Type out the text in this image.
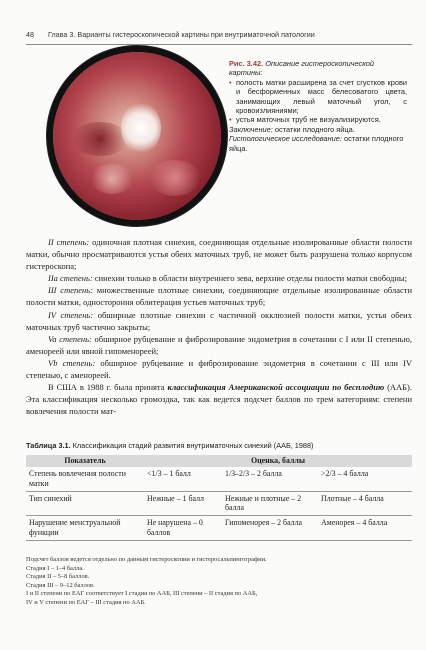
48 Глава 3. Варианты гистероскопической картины при внутриматочной патологии
Рис. 3.42. Описание гистероскопической картины:
• полость матки расширена за счет сгустков крови и бесформенных масс белесоватого цвета, занимающих левый маточный угол, с кровоизлияниями;
• устья маточных труб не визуализируются.
Заключение: остатки плодного яйца.
Гистологическое исследование: остатки плодного яйца.

II степень: одиночная плотная синехия, соединяющая отдельные изолированные области полости матки, обычно просматриваются устья обеих маточных труб, не может быть разрушена только корпусом гистероскопа;

IIa степень: синехии только в области внутреннего зева, верхние отделы полости матки свободны;

III степень: множественные плотные синехии, соединяющие отдельные изолированные области полости матки, одностороння облитерация устьев маточных труб;

IV степень: обширные плотные синехии с частичной окклюзией полости матки, устья обеих маточных труб частично закрыты;

Va степень: обширное рубцевание и фиброзирование эндометрия в сочетании с I или II степенью, аменореей или явной гипоменореей;

Vb степень: обширное рубцевание и фиброзирование эндометрия в сочетании с III или IV степенью, с аменореей.

В США в 1988 г. была принята классификация Американской ассоциации по бесплодию (ААБ). Эта классификация несколько громоздка, так как ведется подсчет баллов по трем категориям: степени вовлечения полости мат-

Таблица 3.1. Классификация стадий развития внутриматочных синехий (ААБ, 1988)
Показатель	Оценка, баллы		
Степень вовлечения полости матки	<1/3 – 1 балл	1/3–2/3 – 2 балла	>2/3 – 4 балла
Тип синехий	Нежные – 1 балл	Нежные и плотные – 2 балла	Плотные – 4 балла
Нарушение менструальной функции	Не нарушена – 0 баллов	Гипоменорея – 2 балла	Аменорея – 4 балла
Подсчет баллов ведется отдельно по данным гистероскопии и гистеросальпингографии.
Стадия I – 1–4 балла.
Стадия II – 5–8 баллов.
Стадия III – 9–12 баллов.
I и II степени по ЕАГ соответствует I стадия по ААБ, III степени – II стадия по ААБ,
IV и V степени по ЕАГ – III стадия по ААБ.
